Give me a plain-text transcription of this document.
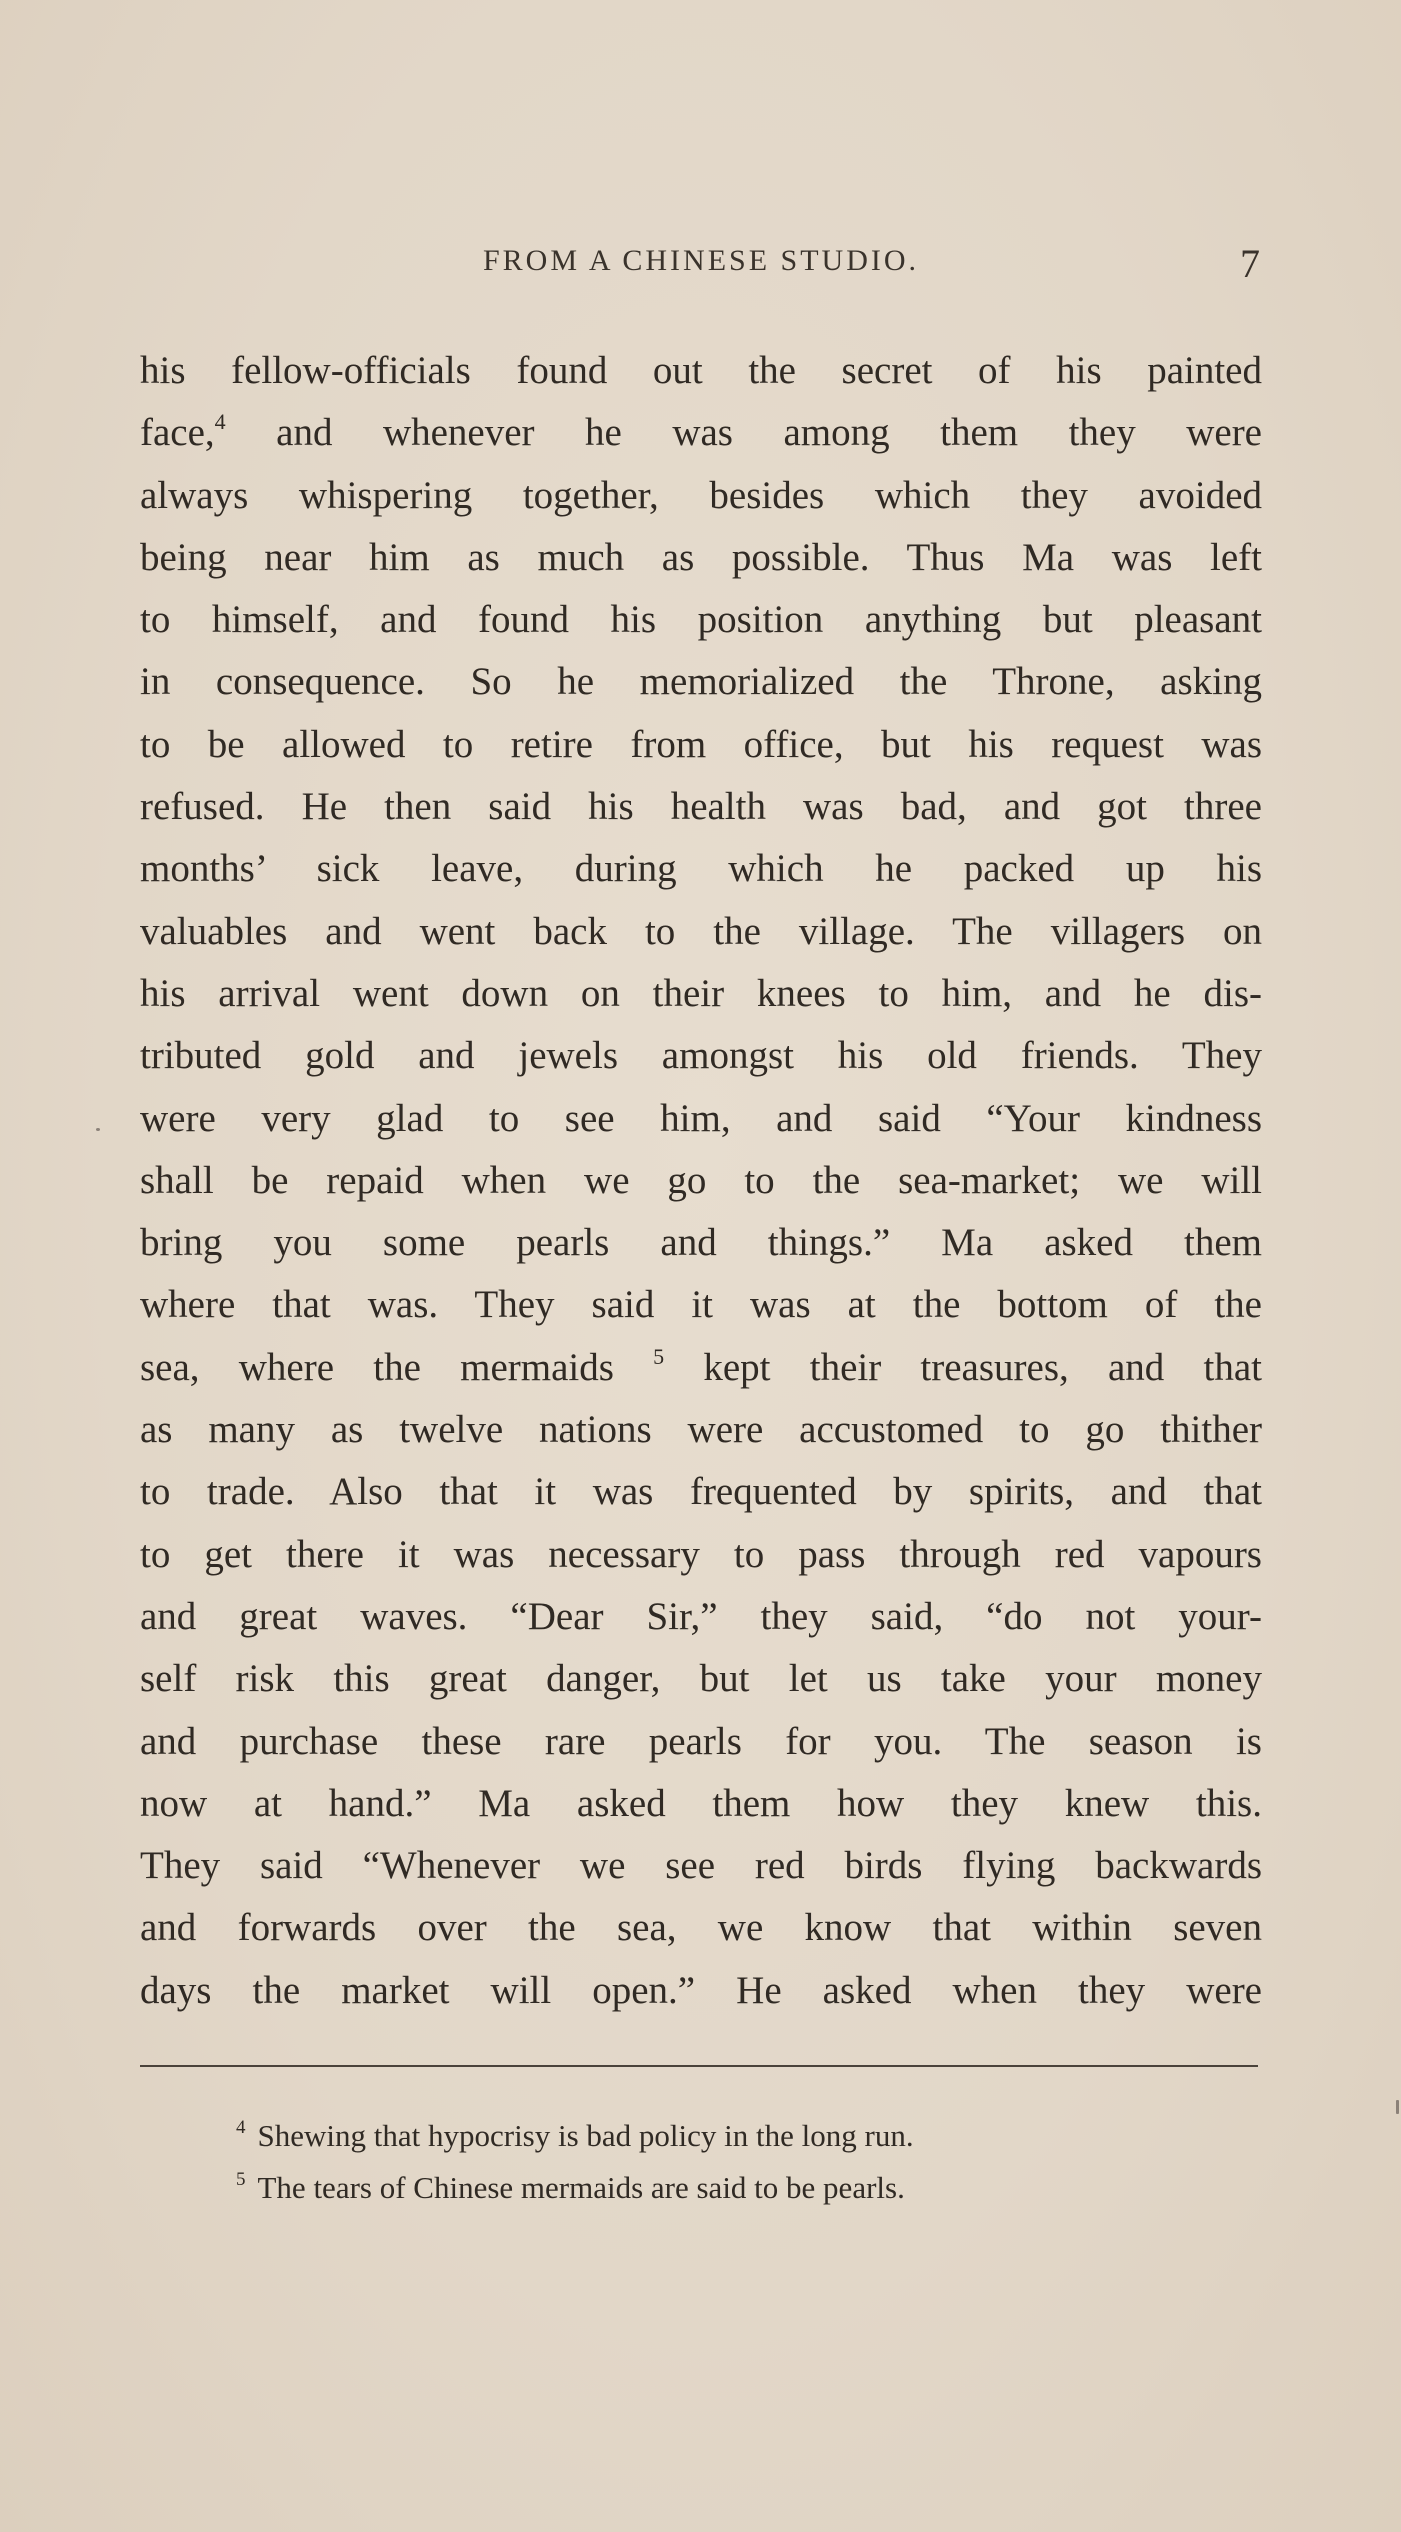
FROM A CHINESE STUDIO.	7
his fellow-officials found out the secret of his painted
face,$^4$ and whenever he was among them they were
always whispering together, besides which they avoided
being near him as much as possible. Thus Ma was left
to himself, and found his position anything but pleasant
in consequence. So he memorialized the Throne, asking
to be allowed to retire from office, but his request was
refused. He then said his health was bad, and got three
months’ sick leave, during which he packed up his
valuables and went back to the village. The villagers on
his arrival went down on their knees to him, and he dis-
tributed gold and jewels amongst his old friends. They
were very glad to see him, and said “Your kindness
shall be repaid when we go to the sea-market; we will
bring you some pearls and things.” Ma asked them
where that was. They said it was at the bottom of the
sea, where the mermaids $^5$ kept their treasures, and that
as many as twelve nations were accustomed to go thither
to trade. Also that it was frequented by spirits, and that
to get there it was necessary to pass through red vapours
and great waves. “Dear Sir,” they said, “do not your-
self risk this great danger, but let us take your money
and purchase these rare pearls for you. The season is
now at hand.” Ma asked them how they knew this.
They said “Whenever we see red birds flying backwards
and forwards over the sea, we know that within seven
days the market will open.” He asked when they were
$^4$ Shewing that hypocrisy is bad policy in the long run.
$^5$ The tears of Chinese mermaids are said to be pearls.
